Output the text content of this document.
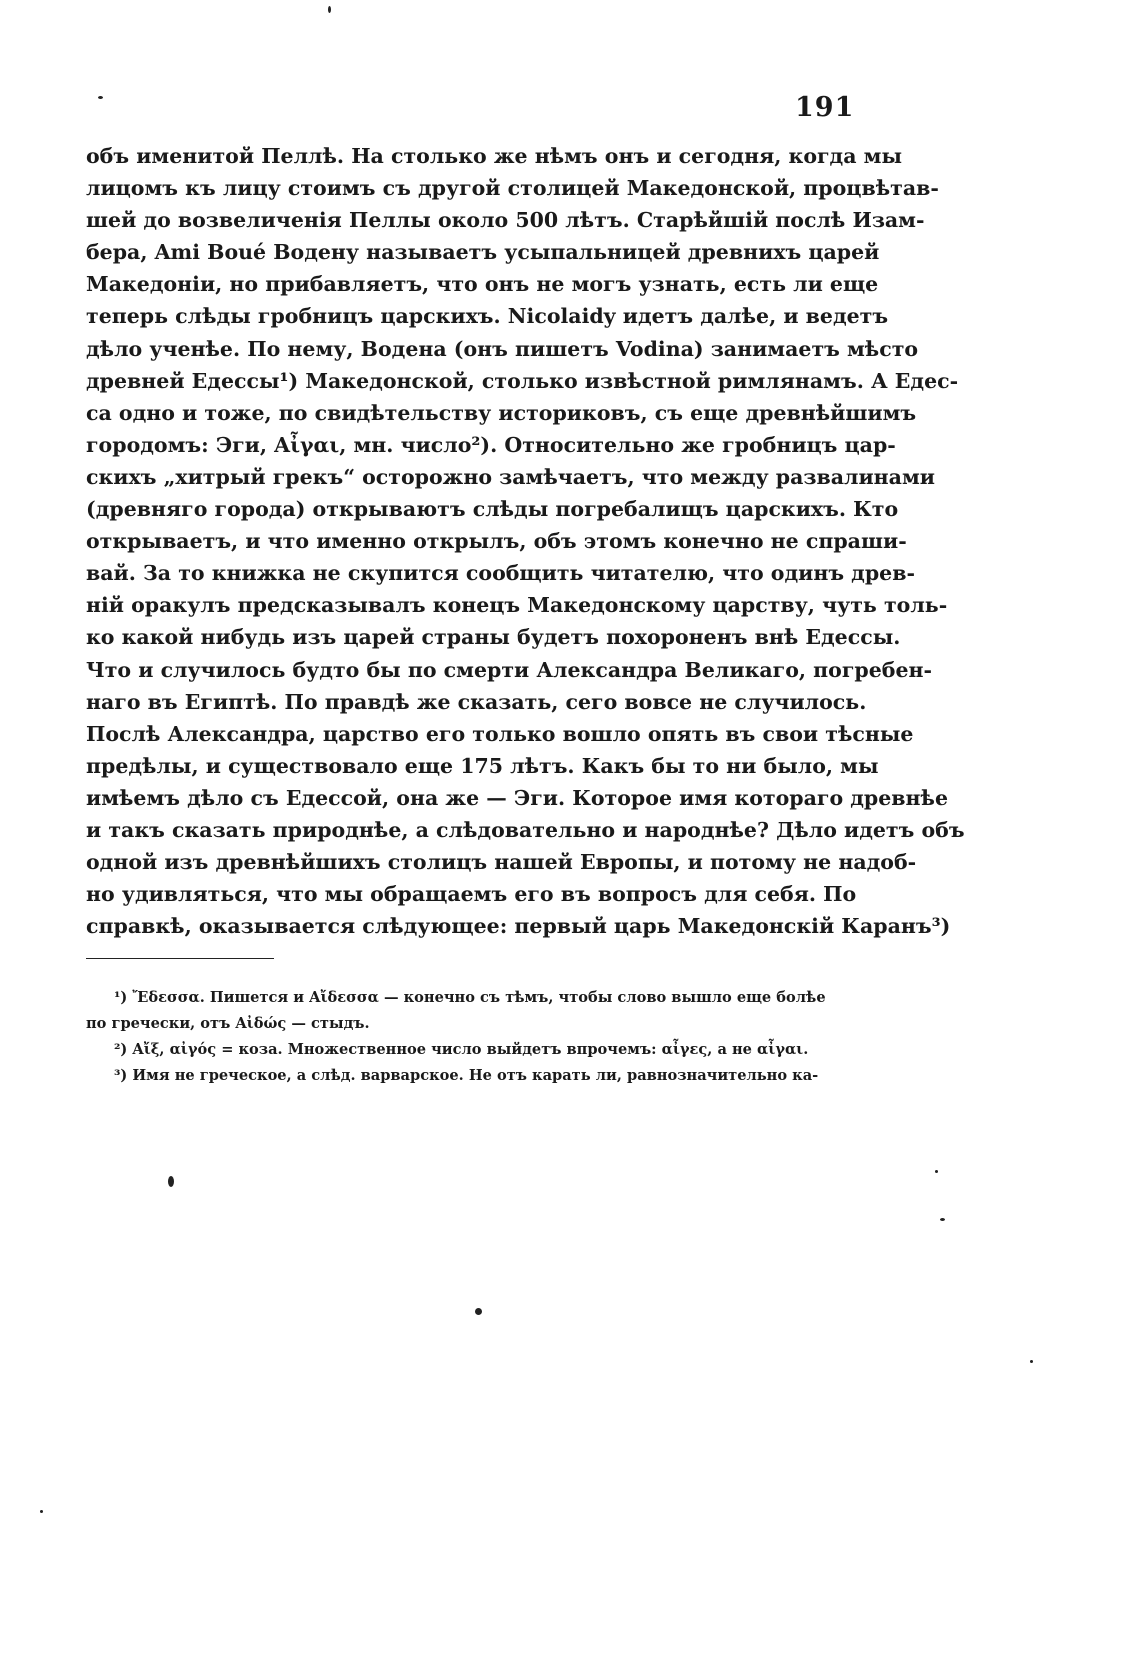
191
объ именитой Пеллѣ. На столько же нѣмъ онъ и сегодня, когда мы
лицомъ къ лицу стоимъ съ другой столицей Македонской, процвѣтав-
шей до возвеличенія Пеллы около 500 лѣтъ. Старѣйшій послѣ Изам-
бера, Ami Boué Водену называетъ усыпальницей древнихъ царей
Македоніи, но прибавляетъ, что онъ не могъ узнать, есть ли еще
теперь слѣды гробницъ царскихъ. Nicolaidy идетъ далѣе, и ведетъ
дѣло ученѣе. По нему, Водена (онъ пишетъ Vodina) занимаетъ мѣсто
древней Едессы¹) Македонской, столько извѣстной римлянамъ. А Едес-
са одно и тоже, по свидѣтельству историковъ, съ еще древнѣйшимъ
городомъ: Эги, Αἶγαι, мн. число²). Относительно же гробницъ цар-
скихъ „хитрый грекъ“ осторожно замѣчаетъ, что между развалинами
(древняго города) открываютъ слѣды погребалищъ царскихъ. Кто
открываетъ, и что именно открылъ, объ этомъ конечно не спраши-
вай. За то книжка не скупится сообщить читателю, что одинъ древ-
ній оракулъ предсказывалъ конецъ Македонскому царству, чуть толь-
ко какой нибудь изъ царей страны будетъ похороненъ внѣ Едессы.
Что и случилось будто бы по смерти Александра Великаго, погребен-
наго въ Египтѣ. По правдѣ же сказать, сего вовсе не случилось.
Послѣ Александра, царство его только вошло опять въ свои тѣсные
предѣлы, и существовало еще 175 лѣтъ. Какъ бы то ни было, мы
имѣемъ дѣло съ Едессой, она же — Эги. Которое имя котораго древнѣе
и такъ сказать природнѣе, а слѣдовательно и народнѣе? Дѣло идетъ объ
одной изъ древнѣйшихъ столицъ нашей Европы, и потому не надоб-
но удивляться, что мы обращаемъ его въ вопросъ для себя. По
справкѣ, оказывается слѣдующее: первый царь Македонскій Каранъ³)
¹) Ἔδεσσα. Пишется и Αἴδεσσα — конечно съ тѣмъ, чтобы слово вышло еще болѣе
по гречески, отъ Αἰδώς — стыдъ.
²) Αἴξ, αἰγός = коза. Множественное число выйдетъ впрочемъ: αἶγες, а не αἶγαι.
³) Имя не греческое, а слѣд. варварское. Не отъ карать ли, равнозначительно ка-
